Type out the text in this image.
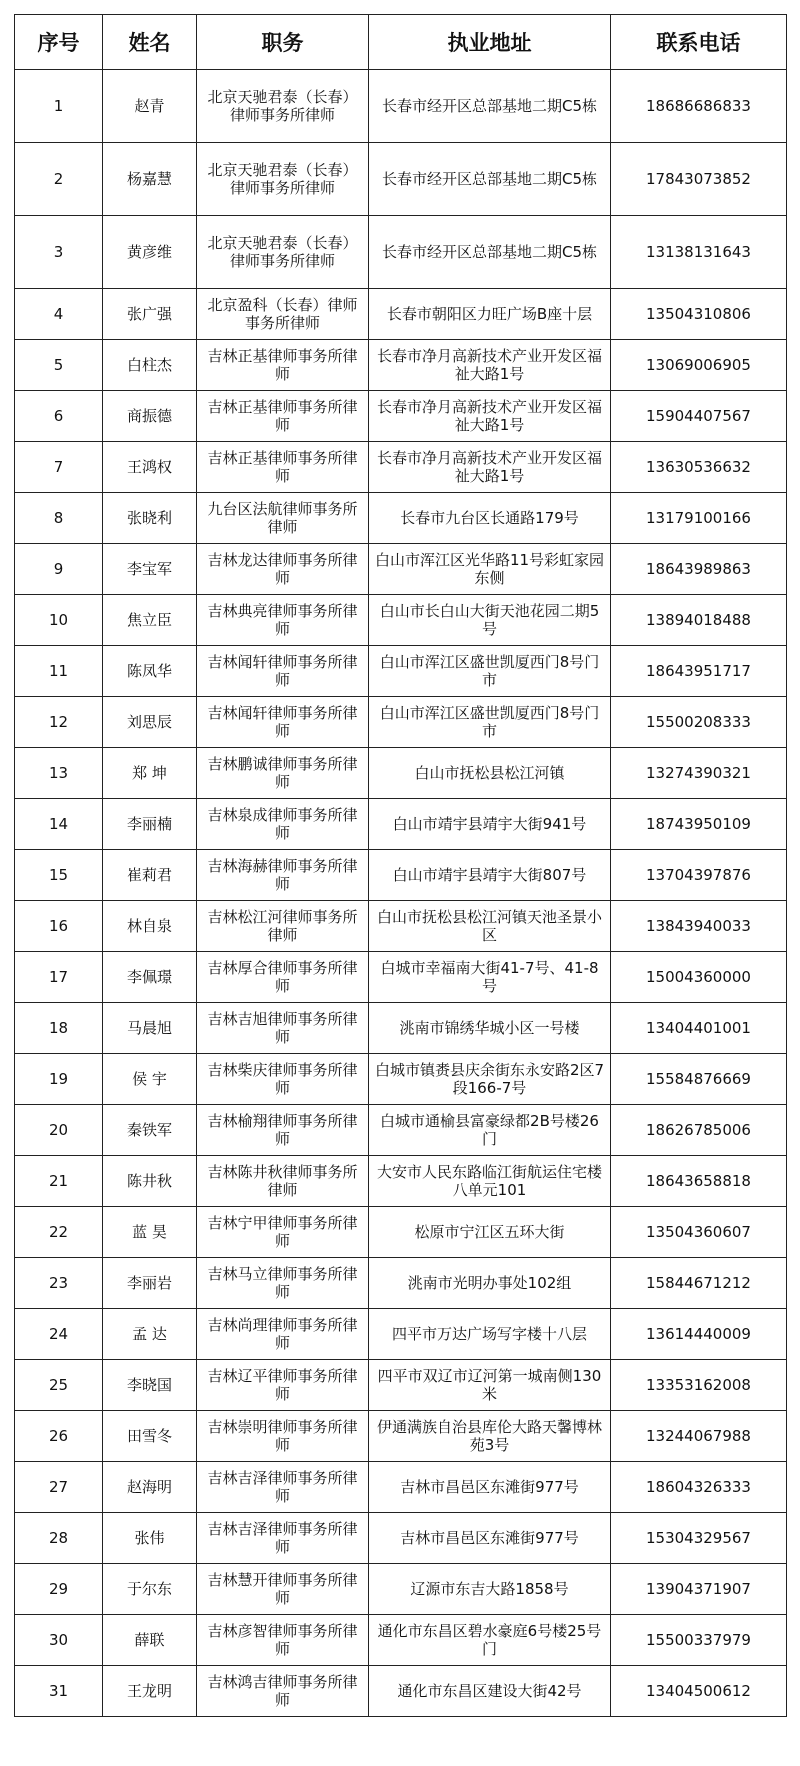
序号	姓名	职务	执业地址	联系电话
1	赵青	北京天驰君泰（长春）律师事务所律师	长春市经开区总部基地二期C5栋	18686686833
2	杨嘉慧	北京天驰君泰（长春）律师事务所律师	长春市经开区总部基地二期C5栋	17843073852
3	黄彦维	北京天驰君泰（长春）律师事务所律师	长春市经开区总部基地二期C5栋	13138131643
4	张广强	北京盈科（长春）律师事务所律师	长春市朝阳区力旺广场B座十层	13504310806
5	白柱杰	吉林正基律师事务所律师	长春市净月高新技术产业开发区福祉大路1号	13069006905
6	商振德	吉林正基律师事务所律师	长春市净月高新技术产业开发区福祉大路1号	15904407567
7	王鸿权	吉林正基律师事务所律师	长春市净月高新技术产业开发区福祉大路1号	13630536632
8	张晓利	九台区法航律师事务所律师	长春市九台区长通路179号	13179100166
9	李宝军	吉林龙达律师事务所律师	白山市浑江区光华路11号彩虹家园东侧	18643989863
10	焦立臣	吉林典亮律师事务所律师	白山市长白山大街天池花园二期5号	13894018488
11	陈凤华	吉林闻轩律师事务所律师	白山市浑江区盛世凯厦西门8号门市	18643951717
12	刘思辰	吉林闻轩律师事务所律师	白山市浑江区盛世凯厦西门8号门市	15500208333
13	郑 坤	吉林鹏诚律师事务所律师	白山市抚松县松江河镇	13274390321
14	李丽楠	吉林泉成律师事务所律师	白山市靖宇县靖宇大街941号	18743950109
15	崔莉君	吉林海赫律师事务所律师	白山市靖宇县靖宇大街807号	13704397876
16	林自泉	吉林松江河律师事务所律师	白山市抚松县松江河镇天池圣景小区	13843940033
17	李佩璟	吉林厚合律师事务所律师	白城市幸福南大街41-7号、41-8号	15004360000
18	马晨旭	吉林吉旭律师事务所律师	洮南市锦绣华城小区一号楼	13404401001
19	侯 宇	吉林柴庆律师事务所律师	白城市镇赉县庆余街东永安路2区7段166-7号	15584876669
20	秦铁军	吉林榆翔律师事务所律师	白城市通榆县富豪绿都2B号楼26门	18626785006
21	陈井秋	吉林陈井秋律师事务所律师	大安市人民东路临江街航运住宅楼八单元101	18643658818
22	蓝 昊	吉林宁甲律师事务所律师	松原市宁江区五环大街	13504360607
23	李丽岩	吉林马立律师事务所律师	洮南市光明办事处102组	15844671212
24	孟 达	吉林尚理律师事务所律师	四平市万达广场写字楼十八层	13614440009
25	李晓国	吉林辽平律师事务所律师	四平市双辽市辽河第一城南侧130米	13353162008
26	田雪冬	吉林崇明律师事务所律师	伊通满族自治县库伦大路天馨博林苑3号	13244067988
27	赵海明	吉林吉泽律师事务所律师	吉林市昌邑区东滩街977号	18604326333
28	张伟	吉林吉泽律师事务所律师	吉林市昌邑区东滩街977号	15304329567
29	于尔东	吉林慧开律师事务所律师	辽源市东吉大路1858号	13904371907
30	薛联	吉林彦智律师事务所律师	通化市东昌区碧水豪庭6号楼25号门	15500337979
31	王龙明	吉林鸿吉律师事务所律师	通化市东昌区建设大街42号	13404500612
